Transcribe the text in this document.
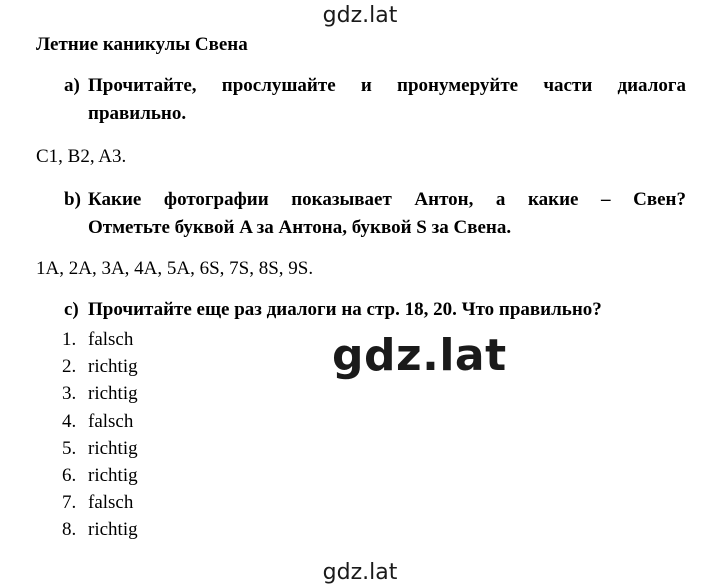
gdz.lat
Летние каникулы Свена
a) Прочитайте, прослушайте и пронумеруйте части диалога
правильно.
C1, B2, A3.
b) Какие фотографии показывает Антон, а какие – Свен?
Отметьте буквой A за Антона, буквой S за Свена.
1A, 2A, 3A, 4A, 5A, 6S, 7S, 8S, 9S.
c) Прочитайте еще раз диалоги на стр. 18, 20. Что правильно?
1. falsch
2. richtig
3. richtig
4. falsch
5. richtig
6. richtig
7. falsch
8. richtig
gdz.lat
gdz.lat
